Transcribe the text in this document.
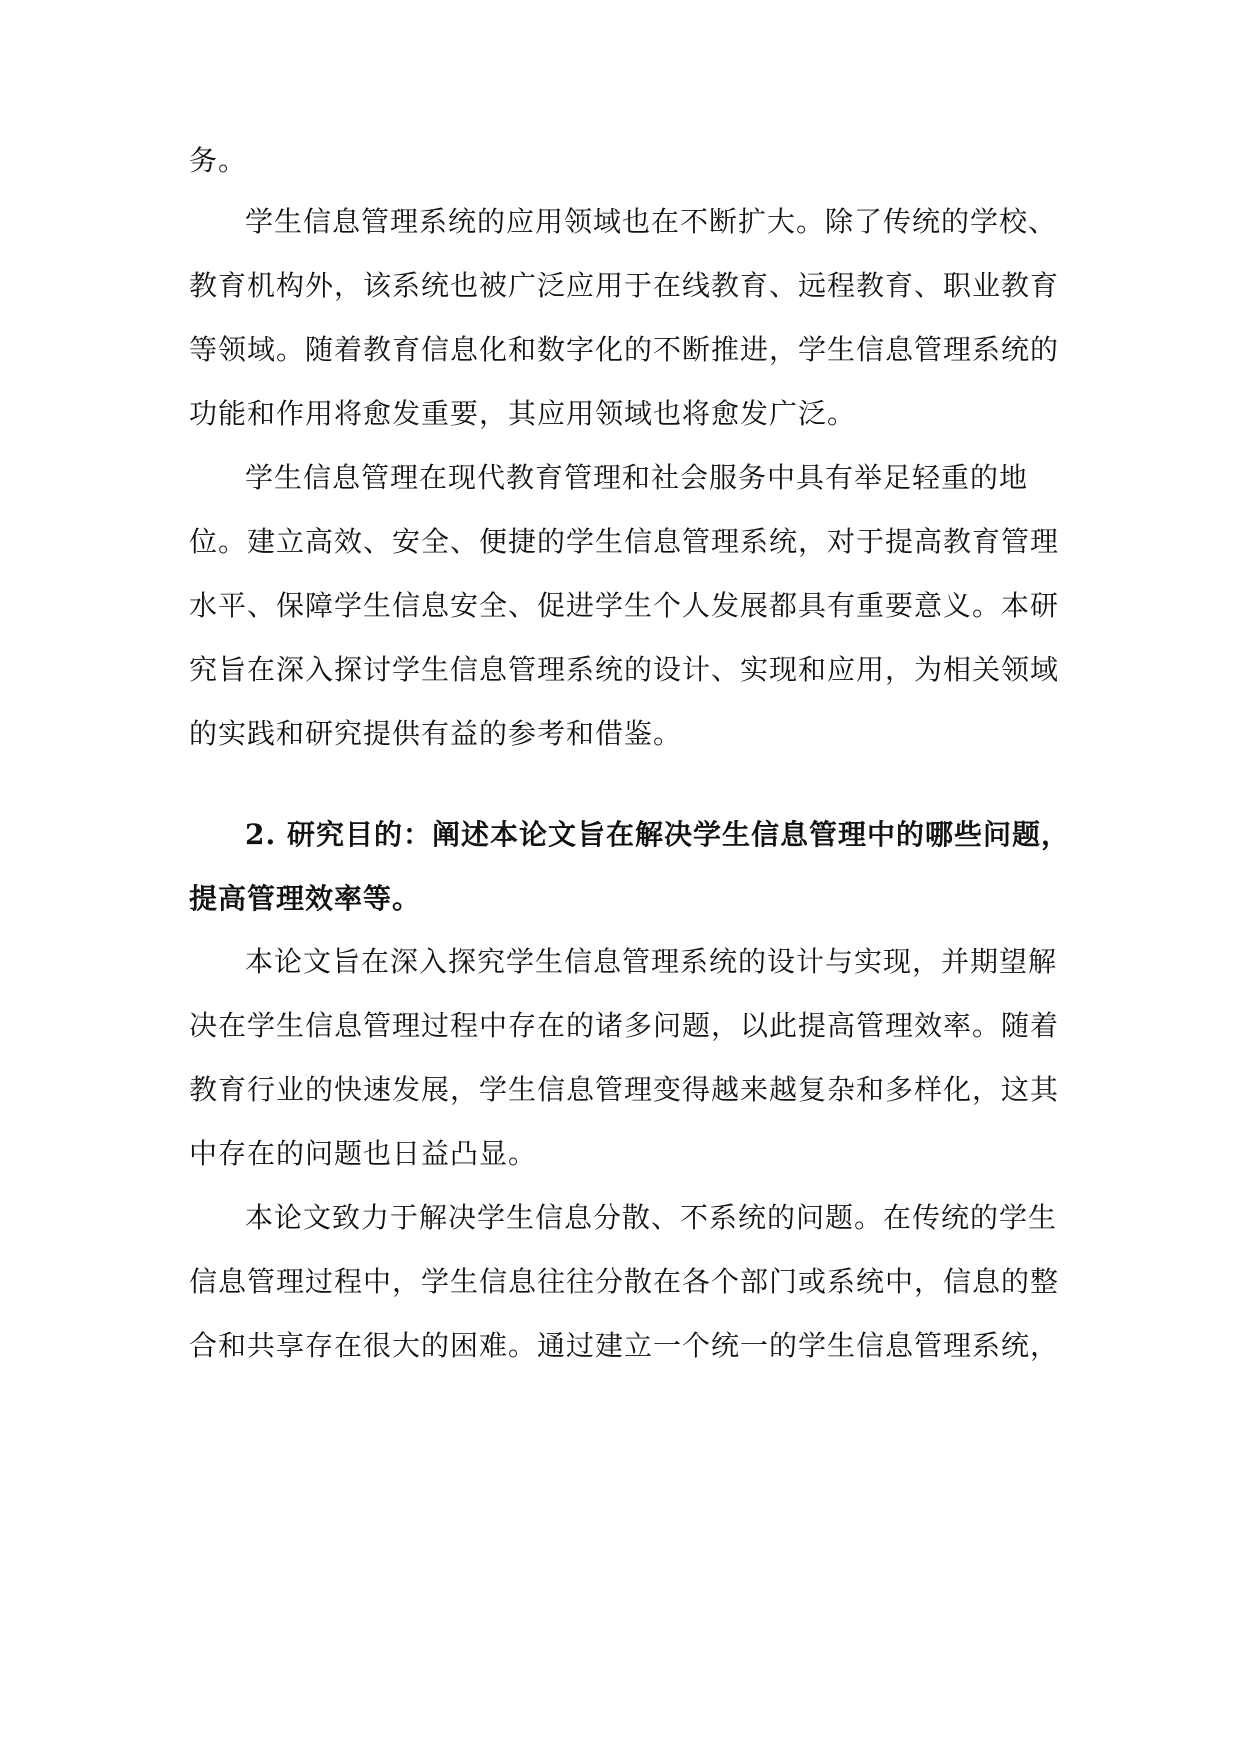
务。
学生信息管理系统的应用领域也在不断扩大。除了传统的学校、
教育机构外，该系统也被广泛应用于在线教育、远程教育、职业教育
等领域。随着教育信息化和数字化的不断推进，学生信息管理系统的
功能和作用将愈发重要，其应用领域也将愈发广泛。
学生信息管理在现代教育管理和社会服务中具有举足轻重的地
位。建立高效、安全、便捷的学生信息管理系统，对于提高教育管理
水平、保障学生信息安全、促进学生个人发展都具有重要意义。本研
究旨在深入探讨学生信息管理系统的设计、实现和应用，为相关领域
的实践和研究提供有益的参考和借鉴。
2. 研究目的：阐述本论文旨在解决学生信息管理中的哪些问题，
提高管理效率等。
本论文旨在深入探究学生信息管理系统的设计与实现，并期望解
决在学生信息管理过程中存在的诸多问题，以此提高管理效率。随着
教育行业的快速发展，学生信息管理变得越来越复杂和多样化，这其
中存在的问题也日益凸显。
本论文致力于解决学生信息分散、不系统的问题。在传统的学生
信息管理过程中，学生信息往往分散在各个部门或系统中，信息的整
合和共享存在很大的困难。通过建立一个统一的学生信息管理系统，
